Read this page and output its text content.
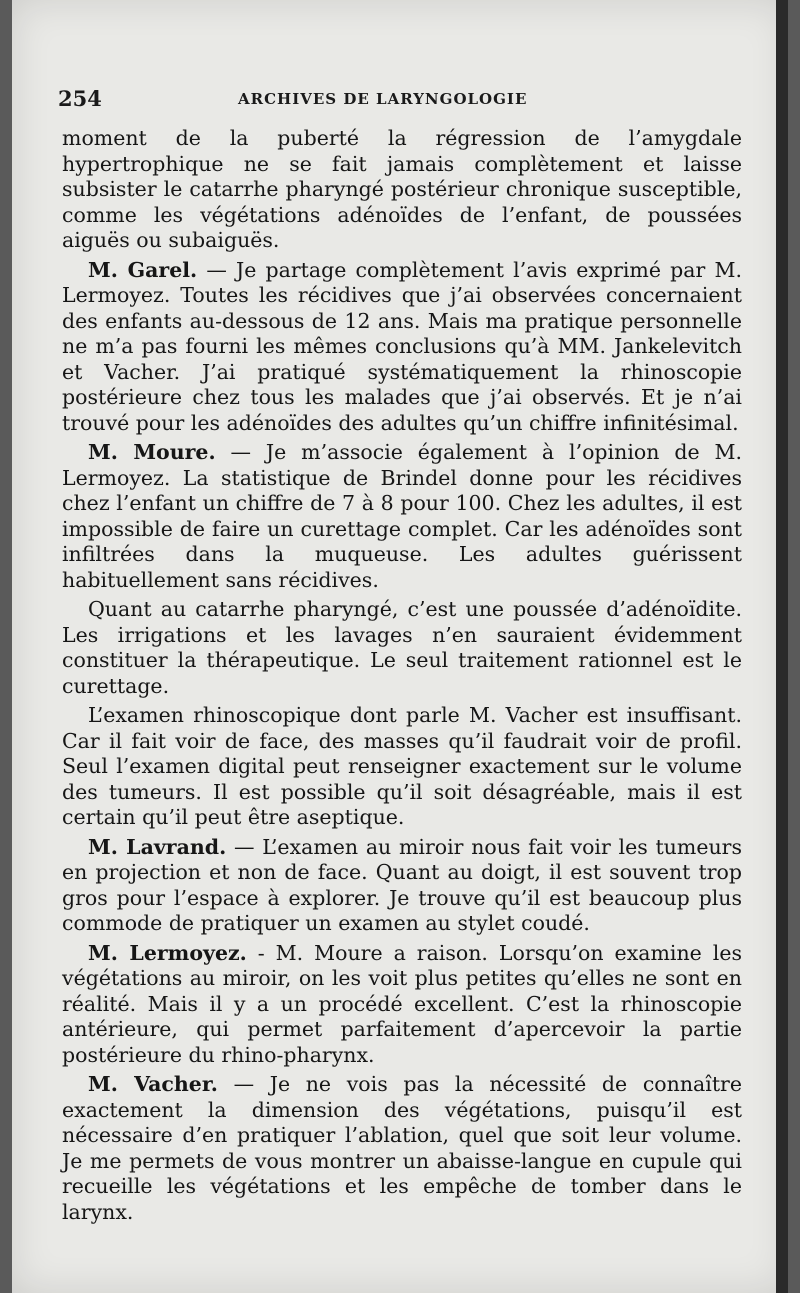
254	ARCHIVES DE LARYNGOLOGIE

moment de la puberté la régression de l’amygdale hypertrophique ne se fait jamais complètement et laisse subsister le catarrhe pharyngé postérieur chronique susceptible, comme les végétations adénoïdes de l’enfant, de poussées aiguës ou subaiguës.

M. Garel. — Je partage complètement l’avis exprimé par M. Lermoyez. Toutes les récidives que j’ai observées concernaient des enfants au-dessous de 12 ans. Mais ma pratique personnelle ne m’a pas fourni les mêmes conclusions qu’à MM. Jankelevitch et Vacher. J’ai pratiqué systématiquement la rhinoscopie postérieure chez tous les malades que j’ai observés. Et je n’ai trouvé pour les adénoïdes des adultes qu’un chiffre infinitésimal.

M. Moure. — Je m’associe également à l’opinion de M. Lermoyez. La statistique de Brindel donne pour les récidives chez l’enfant un chiffre de 7 à 8 pour 100. Chez les adultes, il est impossible de faire un curettage complet. Car les adénoïdes sont infiltrées dans la muqueuse. Les adultes guérissent habituellement sans récidives.

Quant au catarrhe pharyngé, c’est une poussée d’adénoïdite. Les irrigations et les lavages n’en sauraient évidemment constituer la thérapeutique. Le seul traitement rationnel est le curettage.

L’examen rhinoscopique dont parle M. Vacher est insuffisant. Car il fait voir de face, des masses qu’il faudrait voir de profil. Seul l’examen digital peut renseigner exactement sur le volume des tumeurs. Il est possible qu’il soit désagréable, mais il est certain qu’il peut être aseptique.

M. Lavrand. — L’examen au miroir nous fait voir les tumeurs en projection et non de face. Quant au doigt, il est souvent trop gros pour l’espace à explorer. Je trouve qu’il est beaucoup plus commode de pratiquer un examen au stylet coudé.

M. Lermoyez. - M. Moure a raison. Lorsqu’on examine les végétations au miroir, on les voit plus petites qu’elles ne sont en réalité. Mais il y a un procédé excellent. C’est la rhinoscopie antérieure, qui permet parfaitement d’apercevoir la partie postérieure du rhino-pharynx.

M. Vacher. — Je ne vois pas la nécessité de connaître exactement la dimension des végétations, puisqu’il est nécessaire d’en pratiquer l’ablation, quel que soit leur volume. Je me permets de vous montrer un abaisse-langue en cupule qui recueille les végétations et les empêche de tomber dans le larynx.
